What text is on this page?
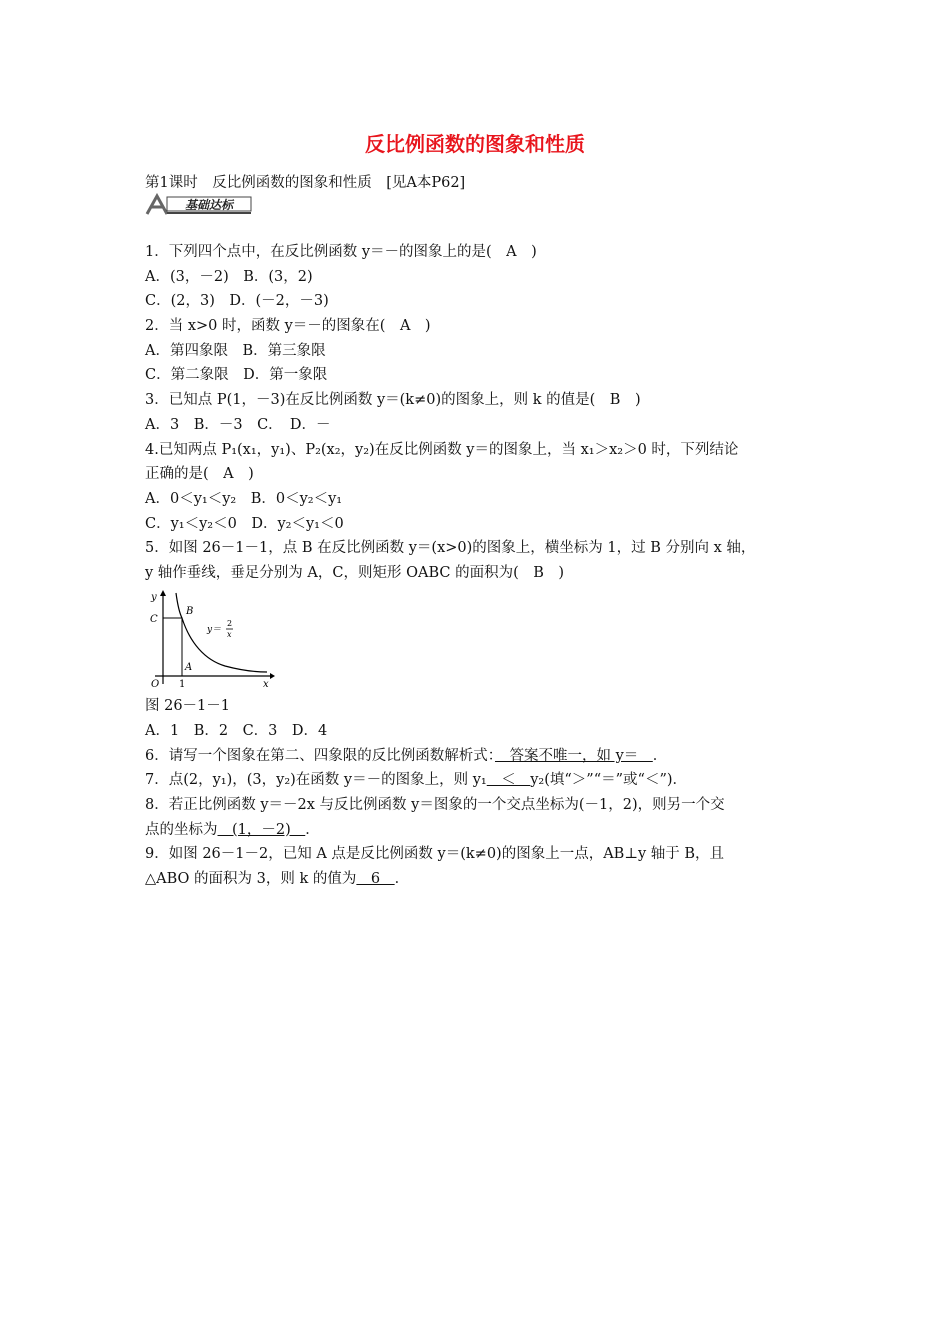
反比例函数的图象和性质
第1课时　反比例函数的图象和性质　[见A本P62]
基础达标
1．下列四个点中，在反比例函数 y＝－的图象上的是(　A　)
A．(3，－2)　B．(3，2)
C．(2，3)　D．(－2，－3)
2．当 x>0 时，函数 y＝－的图象在(　A　)
A．第四象限　B．第三象限
C．第二象限　D．第一象限
3．已知点 P(1，－3)在反比例函数 y＝(k≠0)的图象上，则 k 的值是(　B　)
A．3　B．－3　C．　D．－
4.已知两点 P₁(x₁，y₁)、P₂(x₂，y₂)在反比例函数 y＝的图象上，当 x₁＞x₂＞0 时，下列结论
正确的是(　A　)
A．0＜y₁＜y₂　B．0＜y₂＜y₁
C．y₁＜y₂＜0　D．y₂＜y₁＜0
5．如图 26－1－1，点 B 在反比例函数 y＝(x>0)的图象上，横坐标为 1，过 B 分别向 x 轴，
y 轴作垂线，垂足分别为 A，C，则矩形 OABC 的面积为(　B　)
y
C
B
A
O 1	x
y＝
2
x
图 26－1－1
A．1　B．2　C．3　D．4
6．请写一个图象在第二、四象限的反比例函数解析式：　答案不唯一，如 y＝　．
7．点(2，y₁)，(3，y₂)在函数 y＝－的图象上，则 y₁　＜　y₂(填“＞”“＝”或“＜”)．
8．若正比例函数 y＝－2x 与反比例函数 y＝图象的一个交点坐标为(－1，2)，则另一个交
点的坐标为　(1，－2)　．
9．如图 26－1－2，已知 A 点是反比例函数 y＝(k≠0)的图象上一点，AB⊥y 轴于 B，且
△ABO 的面积为 3，则 k 的值为　6　．
